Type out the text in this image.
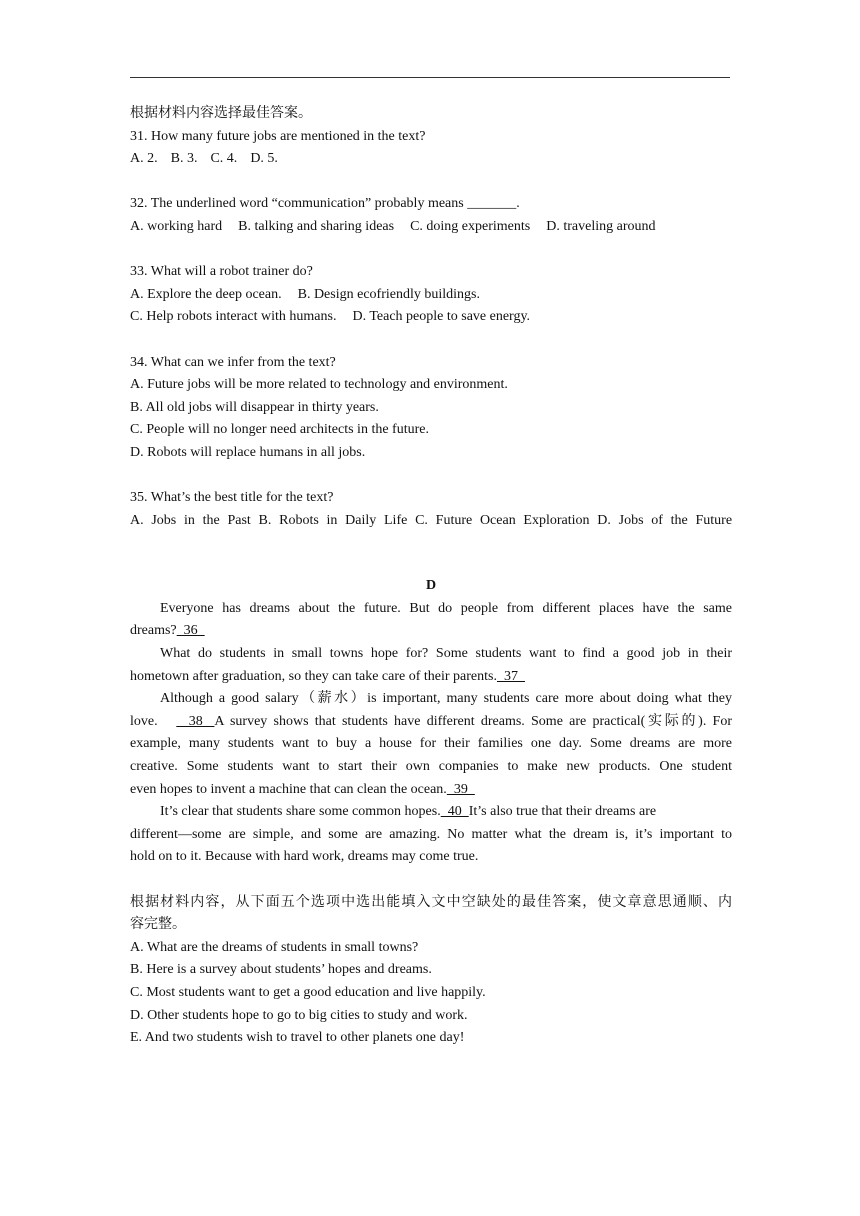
根据材料内容选择最佳答案。
31. How many future jobs are mentioned in the text?
A. 2. B. 3. C. 4. D. 5.
32. The underlined word “communication” probably means _______.
A. working hard B. talking and sharing ideas C. doing experiments D. traveling around
33. What will a robot trainer do?
A. Explore the deep ocean. B. Design ecofriendly buildings.
C. Help robots interact with humans. D. Teach people to save energy.
34. What can we infer from the text?
A. Future jobs will be more related to technology and environment.
B. All old jobs will disappear in thirty years.
C. People will no longer need architects in the future.
D. Robots will replace humans in all jobs.
35. What’s the best title for the text?
A. Jobs in the Past B. Robots in Daily Life C. Future Ocean Exploration D. Jobs of the Future
D
Everyone has dreams about the future. But do people from different places have the same
dreams?  36
What do students in small towns hope for? Some students want to find a good job in their
hometown after graduation, so they can take care of their parents.  37
Although a good salary（薪水）is important, many students care more about doing what they
love.     38  A survey shows that students have different dreams. Some are practical(实际的). For
example, many students want to buy a house for their families one day. Some dreams are more
creative. Some students want to start their own companies to make new products. One student
even hopes to invent a machine that can clean the ocean.  39
It’s clear that students share some common hopes.  40  It’s also true that their dreams are
different—some are simple, and some are amazing. No matter what the dream is, it’s important to
hold on to it. Because with hard work, dreams may come true.
根据材料内容，从下面五个选项中选出能填入文中空缺处的最佳答案，使文章意思通顺、内
容完整。
A. What are the dreams of students in small towns?
B. Here is a survey about students’ hopes and dreams.
C. Most students want to get a good education and live happily.
D. Other students hope to go to big cities to study and work.
E. And two students wish to travel to other planets one day!
